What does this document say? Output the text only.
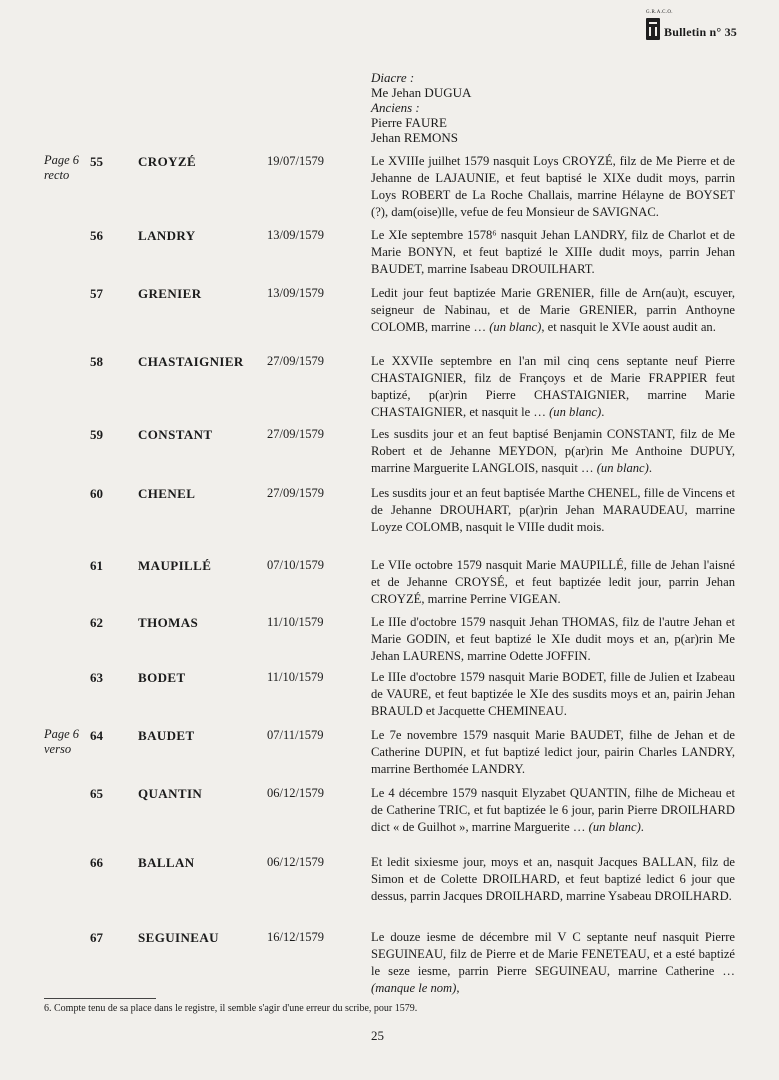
G.R.A.C.O.
Bulletin n° 35
Diacre :
Me Jehan DUGUA
Anciens :
Pierre FAURE
Jehan REMONS
Page 6
recto
55	CROYZÉ	19/07/1579	Le XVIIIe juilhet 1579 nasquit Loys CROYZÉ, filz de Me Pierre et de Jehanne de LAJAUNIE, et feut baptisé le XIXe dudit moys, parrin Loys ROBERT de La Roche Challais, marrine Hélayne de BOYSET (?), dam(oise)lle, vefue de feu Monsieur de SAVIGNAC.
56	LANDRY	13/09/1579	Le XIe septembre 1578⁶ nasquit Jehan LANDRY, filz de Charlot et de Marie BONYN, et feut baptizé le XIIIe dudit moys, parrin Jehan BAUDET, marrine Isabeau DROUILHART.
57	GRENIER	13/09/1579	Ledit jour feut baptizée Marie GRENIER, fille de Arn(au)t, escuyer, seigneur de Nabinau, et de Marie GRENIER, parrin Anthoyne COLOMB, marrine … (un blanc), et nasquit le XVIe aoust audit an.
58	CHASTAIGNIER 27/09/1579	Le XXVIIe septembre en l'an mil cinq cens septante neuf Pierre CHASTAIGNIER, filz de Françoys et de Marie FRAPPIER feut baptizé, p(ar)rin Pierre CHASTAIGNIER, marrine Marie CHASTAIGNIER, et nasquit le … (un blanc).
59	CONSTANT	27/09/1579	Les susdits jour et an feut baptisé Benjamin CONSTANT, filz de Me Robert et de Jehanne MEYDON, p(ar)rin Me Anthoine DUPUY, marrine Marguerite LANGLOIS, nasquit … (un blanc).
60	CHENEL	27/09/1579	Les susdits jour et an feut baptisée Marthe CHENEL, fille de Vincens et de Jehanne DROUHART, p(ar)rin Jehan MARAUDEAU, marrine Loyze COLOMB, nasquit le VIIIe dudit mois.
61	MAUPILLÉ	07/10/1579	Le VIIe octobre 1579 nasquit Marie MAUPILLÉ, fille de Jehan l'aisné et de Jehanne CROYSÉ, et feut baptizée ledit jour, parrin Jehan CROYZÉ, marrine Perrine VIGEAN.
62	THOMAS	11/10/1579	Le IIIe d'octobre 1579 nasquit Jehan THOMAS, filz de l'autre Jehan et Marie GODIN, et feut baptizé le XIe dudit moys et an, p(ar)rin Me Jehan LAURENS, marrine Odette JOFFIN.
63	BODET	11/10/1579	Le IIIe d'octobre 1579 nasquit Marie BODET, fille de Julien et Izabeau de VAURE, et feut baptizée le XIe des susdits moys et an, pairin Jehan BRAULD et Jacquette CHEMINEAU.
Page 6
verso
64	BAUDET	07/11/1579	Le 7e novembre 1579 nasquit Marie BAUDET, filhe de Jehan et de Catherine DUPIN, et fut baptizé ledict jour, pairin Charles LANDRY, marrine Berthomée LANDRY.
65	QUANTIN	06/12/1579	Le 4 décembre 1579 nasquit Elyzabet QUANTIN, filhe de Micheau et de Catherine TRIC, et fut baptizée le 6 jour, parin Pierre DROILHARD dict « de Guilhot », marrine Marguerite … (un blanc).
66	BALLAN	06/12/1579	Et ledit sixiesme jour, moys et an, nasquit Jacques BALLAN, filz de Simon et de Colette DROILHARD, et feut baptizé ledict 6 jour que dessus, parrin Jacques DROILHARD, marrine Ysabeau DROILHARD.
67	SEGUINEAU	16/12/1579	Le douze iesme de décembre mil V C septante neuf nasquit Pierre SEGUINEAU, filz de Pierre et de Marie FENETEAU, et a esté baptizé le seze iesme, parrin Pierre SEGUINEAU, marrine Catherine … (manque le nom),
6. Compte tenu de sa place dans le registre, il semble s'agir d'une erreur du scribe, pour 1579.
25
